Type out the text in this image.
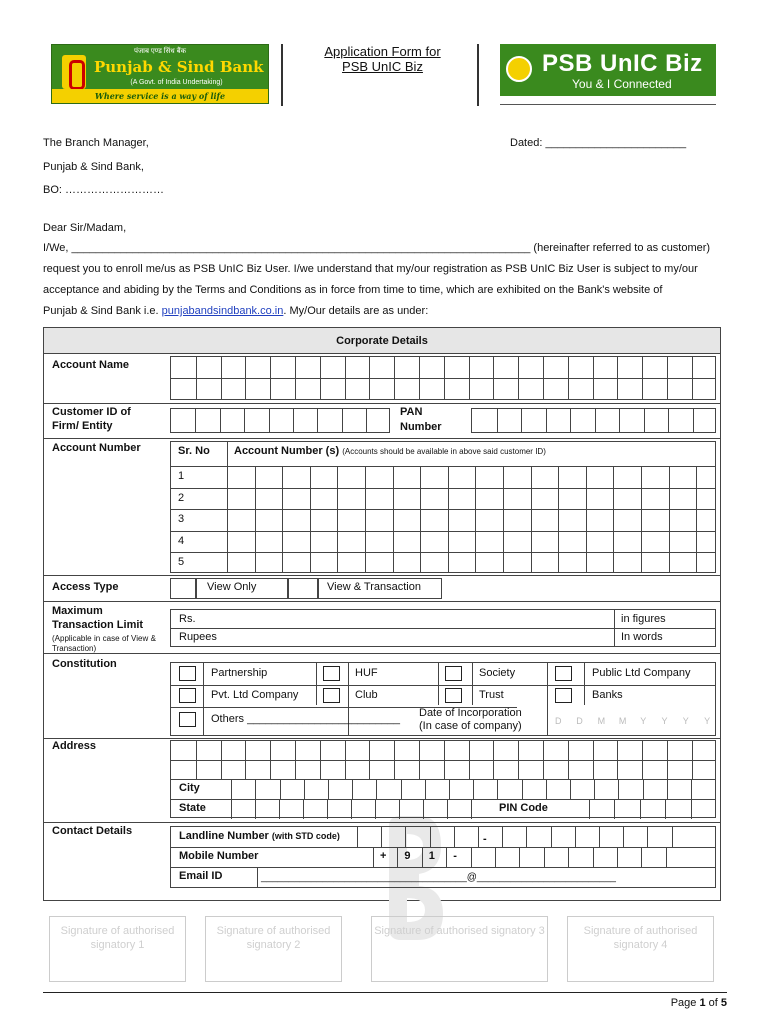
पंजाब एण्ड सिंध बैंक
Punjab & Sind Bank
(A Govt. of India Undertaking)
Where service is a way of life
Application Form for
PSB UnIC Biz	PSB UnIC Biz
You & I Connected
The Branch Manager,	Dated: _______________________
Punjab & Sind Bank,
BO: ………………………
Dear Sir/Madam,
I/We, ___________________________________________________________________________ (hereinafter referred to as customer)
request you to enroll me/us as PSB UnIC Biz User. I/we understand that my/our registration as PSB UnIC Biz User is subject to my/our
acceptance and abiding by the Terms and Conditions as in force from time to time, which are exhibited on the Bank's website of
Punjab & Sind Bank i.e. punjabandsindbank.co.in. My/Our details are as under:
Corporate Details
Account Name
Customer ID of
Firm/ Entity
PAN
Number
Account Number	Sr. No Account Number (s) (Accounts should be available in above said customer ID)
1
2
3
4
5
Access Type	View Only	View & Transaction
Maximum
Transaction Limit
(Applicable in case of View & Transaction)
Rs.	in figures
Rupees	In words
Constitution
Partnership	HUF	Society	Public Ltd Company
Pvt. Ltd Company	Club	Trust	Banks
Others _________________________ Date of Incorporation
(In case of company)	D D M M Y Y Y Y
Address
City
State	PIN Code
Contact Details	Landline Number (with STD code)	-
Mobile Number	+ 9 1 -
Email ID	_____________________________________@_________________________
Signature of authorised signatory 1
Signature of authorised signatory 2
Signature of authorised signatory 3	Signature of authorised signatory 4
Page 1 of 5
